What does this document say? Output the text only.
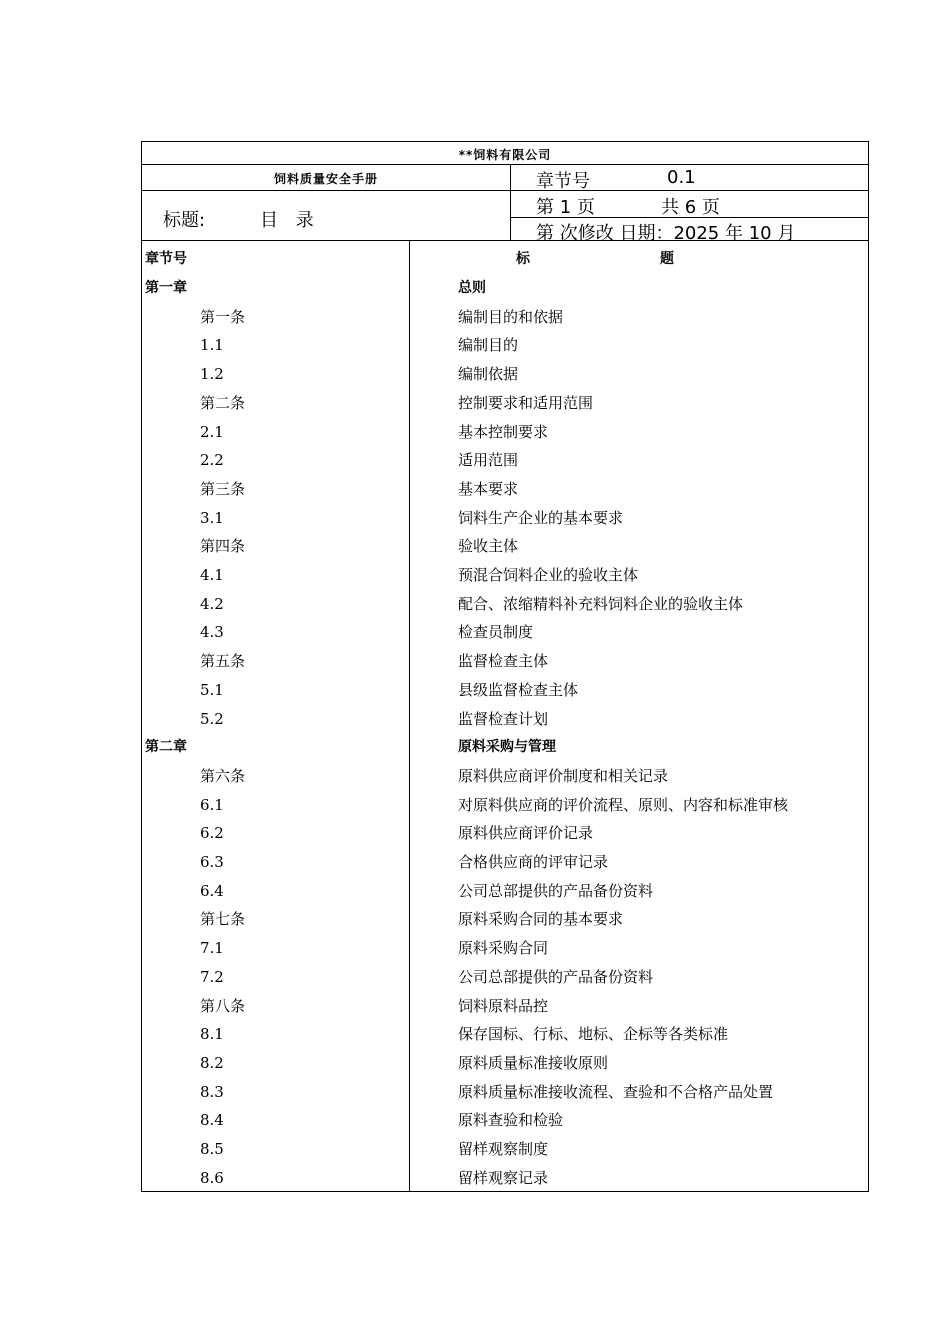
**饲料有限公司
饲料质量安全手册	章节号	0.1
第 1 页	共 6 页
第 次修改 日期：2025 年 10 月
标题:	目 录
章节号	标	题
第一章	总则
第一条	编制目的和依据
1.1	编制目的
1.2	编制依据
第二条	控制要求和适用范围
2.1	基本控制要求
2.2	适用范围
第三条	基本要求
3.1	饲料生产企业的基本要求
第四条	验收主体
4.1	预混合饲料企业的验收主体
4.2	配合、浓缩精料补充料饲料企业的验收主体
4.3	检查员制度
第五条	监督检查主体
5.1	县级监督检查主体
5.2	监督检查计划
第二章	原料采购与管理
第六条	原料供应商评价制度和相关记录
6.1	对原料供应商的评价流程、原则、内容和标准审核
6.2	原料供应商评价记录
6.3	合格供应商的评审记录
6.4	公司总部提供的产品备份资料
第七条	原料采购合同的基本要求
7.1	原料采购合同
7.2	公司总部提供的产品备份资料
第八条	饲料原料品控
8.1	保存国标、行标、地标、企标等各类标准
8.2	原料质量标准接收原则
8.3	原料质量标准接收流程、查验和不合格产品处置
8.4	原料查验和检验
8.5	留样观察制度
8.6	留样观察记录
